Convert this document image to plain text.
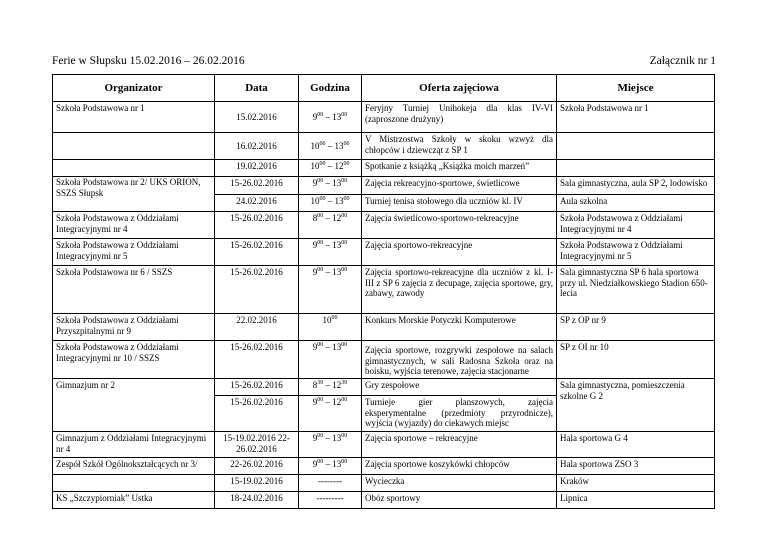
Ferie w Słupsku 15.02.2016 – 26.02.2016	Załącznik nr 1
Organizator	Data	Godzina	Oferta zajęciowa	Miejsce
Szkoła Podstawowa nr 1	15.02.2016	$9^{00} - 13^{00}$	Feryjny Turniej Unihokeja dla klas IV-VI (zaproszone drużyny)	Szkoła Podstawowa nr 1
	16.02.2016	$10^{00} - 13^{00}$	V Mistrzostwa Szkoły w skoku wzwyż dla chłopców i dziewcząt z SP 1	
	19.02.2016	$10^{00} - 12^{00}$	Spotkanie z książką „Książka moich marzeń”	
Szkoła Podstawowa nr 2/ UKS ORION, SSZS Słupsk	15-26.02.2016	$9^{00} - 13^{00}$	Zajęcia rekreacyjno-sportowe, świetlicowe	Sala gimnastyczna, aula SP 2, lodowisko
	24.02.2016	$10^{00} - 13^{00}$	Turniej tenisa stołowego dla uczniów kl. IV	Aula szkolna
Szkoła Podstawowa z Oddziałami Integracyjnymi nr 4	15-26.02.2016	$8^{00} - 12^{00}$	Zajęcia świetlicowo-sportowo-rekreacyjne	Szkoła Podstawowa z Oddziałami Integracyjnymi nr 4
Szkoła Podstawowa z Oddziałami Integracyjnymi nr 5	15-26.02.2016	$9^{00} - 13^{00}$	Zajęcia sportowo-rekreacyjne	Szkoła Podstawowa z Oddziałami Integracyjnymi nr 5
Szkoła Podstawowa nr 6 / SSZS	15-26.02.2016	$9^{00} - 13^{00}$	Zajęcia sportowo-rekreacyjne dla uczniów z kl. I-III z SP 6 zajęcia z decupage, zajęcia sportowe, gry, zabawy, zawody	Sala gimnastyczna SP 6 hala sportowa przy ul. Niedziałkowskiego Stadion 650-lecia
Szkoła Podstawowa z Oddziałami Przyszpitalnymi nr 9	22.02.2016	$10^{00}$	Konkurs Morskie Potyczki Komputerowe	SP z OP nr 9
Szkoła Podstawowa z Oddziałami Integracyjnymi nr 10 / SSZS	15-26.02.2016	$9^{00} - 13^{00}$	Zajęcia sportowe, rozgrywki zespołowe na salach gimnastycznych, w sali Radosna Szkoła oraz na boisku, wyjścia terenowe, zajęcia stacjonarne	SP z OI nr 10
Gimnazjum nr 2	15-26.02.2016	$8^{30} - 12^{30}$	Gry zespołowe	Sala gimnastyczna, pomieszczenia szkolne G 2
	15-26.02.2016	$9^{00} - 12^{00}$	Turnieje gier planszowych, zajęcia eksperymentalne (przedmioty przyrodnicze), wyjścia (wyjazdy) do ciekawych miejsc	
Gimnazjum z Oddziałami Integracyjnymi nr 4	15-19.02.2016 22-26.02.2016	$9^{00} - 13^{00}$	Zajęcia sportowe – rekreacyjne	Hala sportowa G 4
Zespół Szkół Ogólnokształcących nr 3/	22-26.02.2016	$9^{00} - 13^{00}$	Zajęcia sportowe koszykówki chłopców	Hala sportowa ZSO 3
	15-19.02.2016	--------	Wycieczka	Kraków
KS „Szczypiorniak” Ustka	18-24.02.2016	---------	Obóz sportowy	Lipnica
